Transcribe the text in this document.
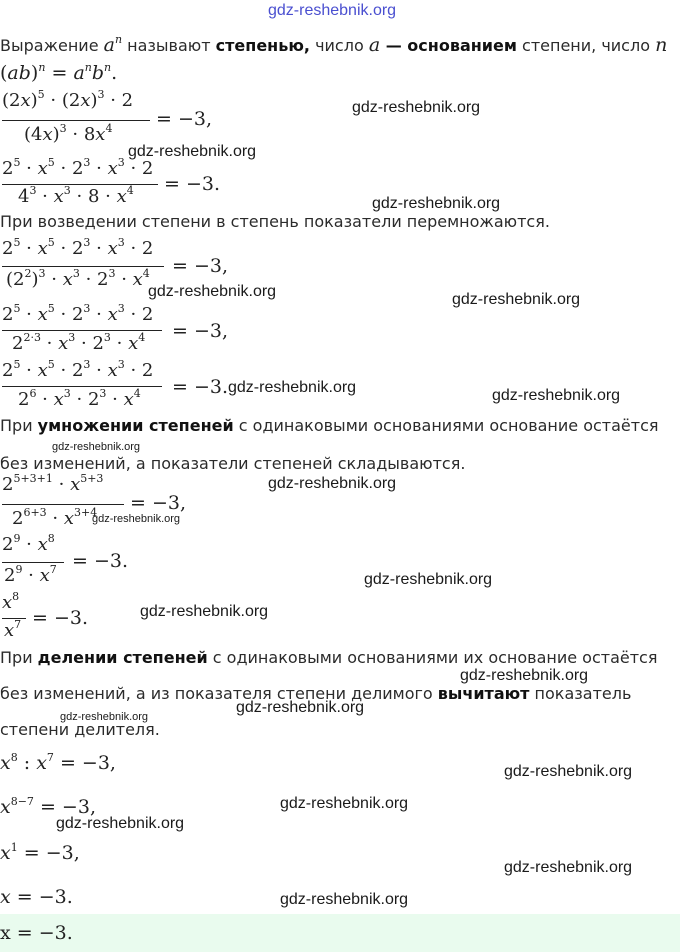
gdz-reshebnik.org
Выражение $a^n$ называют степенью, число a — основанием степени, число n
$(ab)^n = a^nb^n$.
$(2x)^5 \cdot (2x)^3 \cdot 2$
$(4x)^3 \cdot 8x^4 = -3$,
$2^5 \cdot x^5 \cdot 2^3 \cdot x^3 \cdot 2$
$4^3 \cdot x^3 \cdot 8 \cdot x^4 = -3$.
При возведении степени в степень показатели перемножаются.
$2^5 \cdot x^5 \cdot 2^3 \cdot x^3 \cdot 2$
$(2^2)^3 \cdot x^3 \cdot 2^3 \cdot x^4 = -3$,
$2^5 \cdot x^5 \cdot 2^3 \cdot x^3 \cdot 2$
$2^{2\cdot 3} \cdot x^3 \cdot 2^3 \cdot x^4 = -3$,
$2^5 \cdot x^5 \cdot 2^3 \cdot x^3 \cdot 2$
$2^6 \cdot x^3 \cdot 2^3 \cdot x^4 = -3$.
При умножении степеней с одинаковыми основаниями основание остаётся
без изменений, а показатели степеней складываются.
$2^{5+3+1} \cdot x^{5+3}$
$2^{6+3} \cdot x^{3+4} = -3$,
$2^9 \cdot x^8$
$2^9 \cdot x^7 = -3$.
$x^8$
$x^7 = -3$.
При делении степеней с одинаковыми основаниями их основание остаётся
без изменений, а из показателя степени делимого вычитают показатель
степени делителя.
$x^8$ : $x^7 = -3$,
$x^{8-7} = -3$,
$x^1 = -3$,
x = −3.
x = −3.
gdz-reshebnik.org
gdz-reshebnik.org
gdz-reshebnik.org
gdz-reshebnik.org	gdz-reshebnik.org
gdz-reshebnik.org	gdz-reshebnik.org
gdz-reshebnik.org
gdz-reshebnik.org
gdz-reshebnik.org
gdz-reshebnik.org
gdz-reshebnik.org
gdz-reshebnik.org
gdz-reshebnik.org
gdz-reshebnik.org
gdz-reshebnik.org
gdz-reshebnik.org
gdz-reshebnik.org
gdz-reshebnik.org
gdz-reshebnik.org
